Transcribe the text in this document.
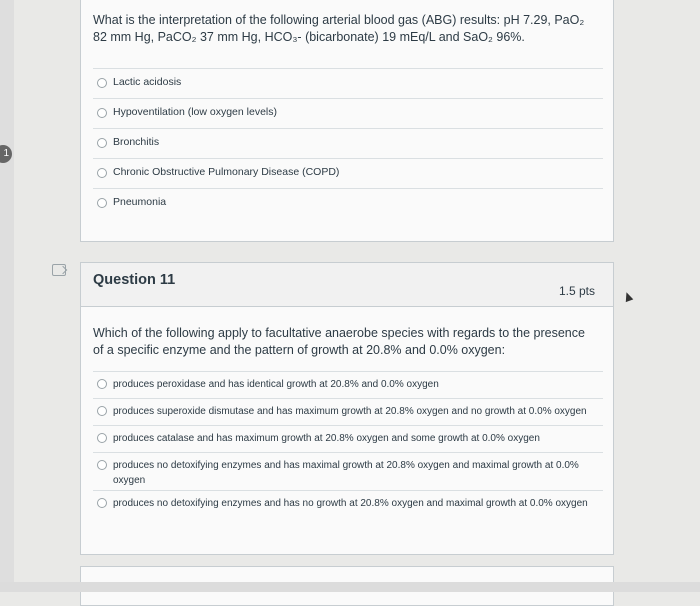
1
What is the interpretation of the following arterial blood gas (ABG) results: pH 7.29, PaO₂ 82 mm Hg, PaCO₂ 37 mm Hg, HCO₃- (bicarbonate) 19 mEq/L and SaO₂ 96%.
Lactic acidosis
Hypoventilation (low oxygen levels)
Bronchitis
Chronic Obstructive Pulmonary Disease (COPD)
Pneumonia
Question 11
1.5 pts
Which of the following apply to facultative anaerobe species with regards to the presence of a specific enzyme and the pattern of growth at 20.8% and 0.0% oxygen:
produces peroxidase and has identical growth at 20.8% and 0.0% oxygen
produces superoxide dismutase and has maximum growth at 20.8% oxygen and no growth at 0.0% oxygen
produces catalase and has maximum growth at 20.8% oxygen and some growth at 0.0% oxygen
produces no detoxifying enzymes and has maximal growth at 20.8% oxygen and maximal growth at 0.0% oxygen
produces no detoxifying enzymes and has no growth at 20.8% oxygen and maximal growth at 0.0% oxygen
